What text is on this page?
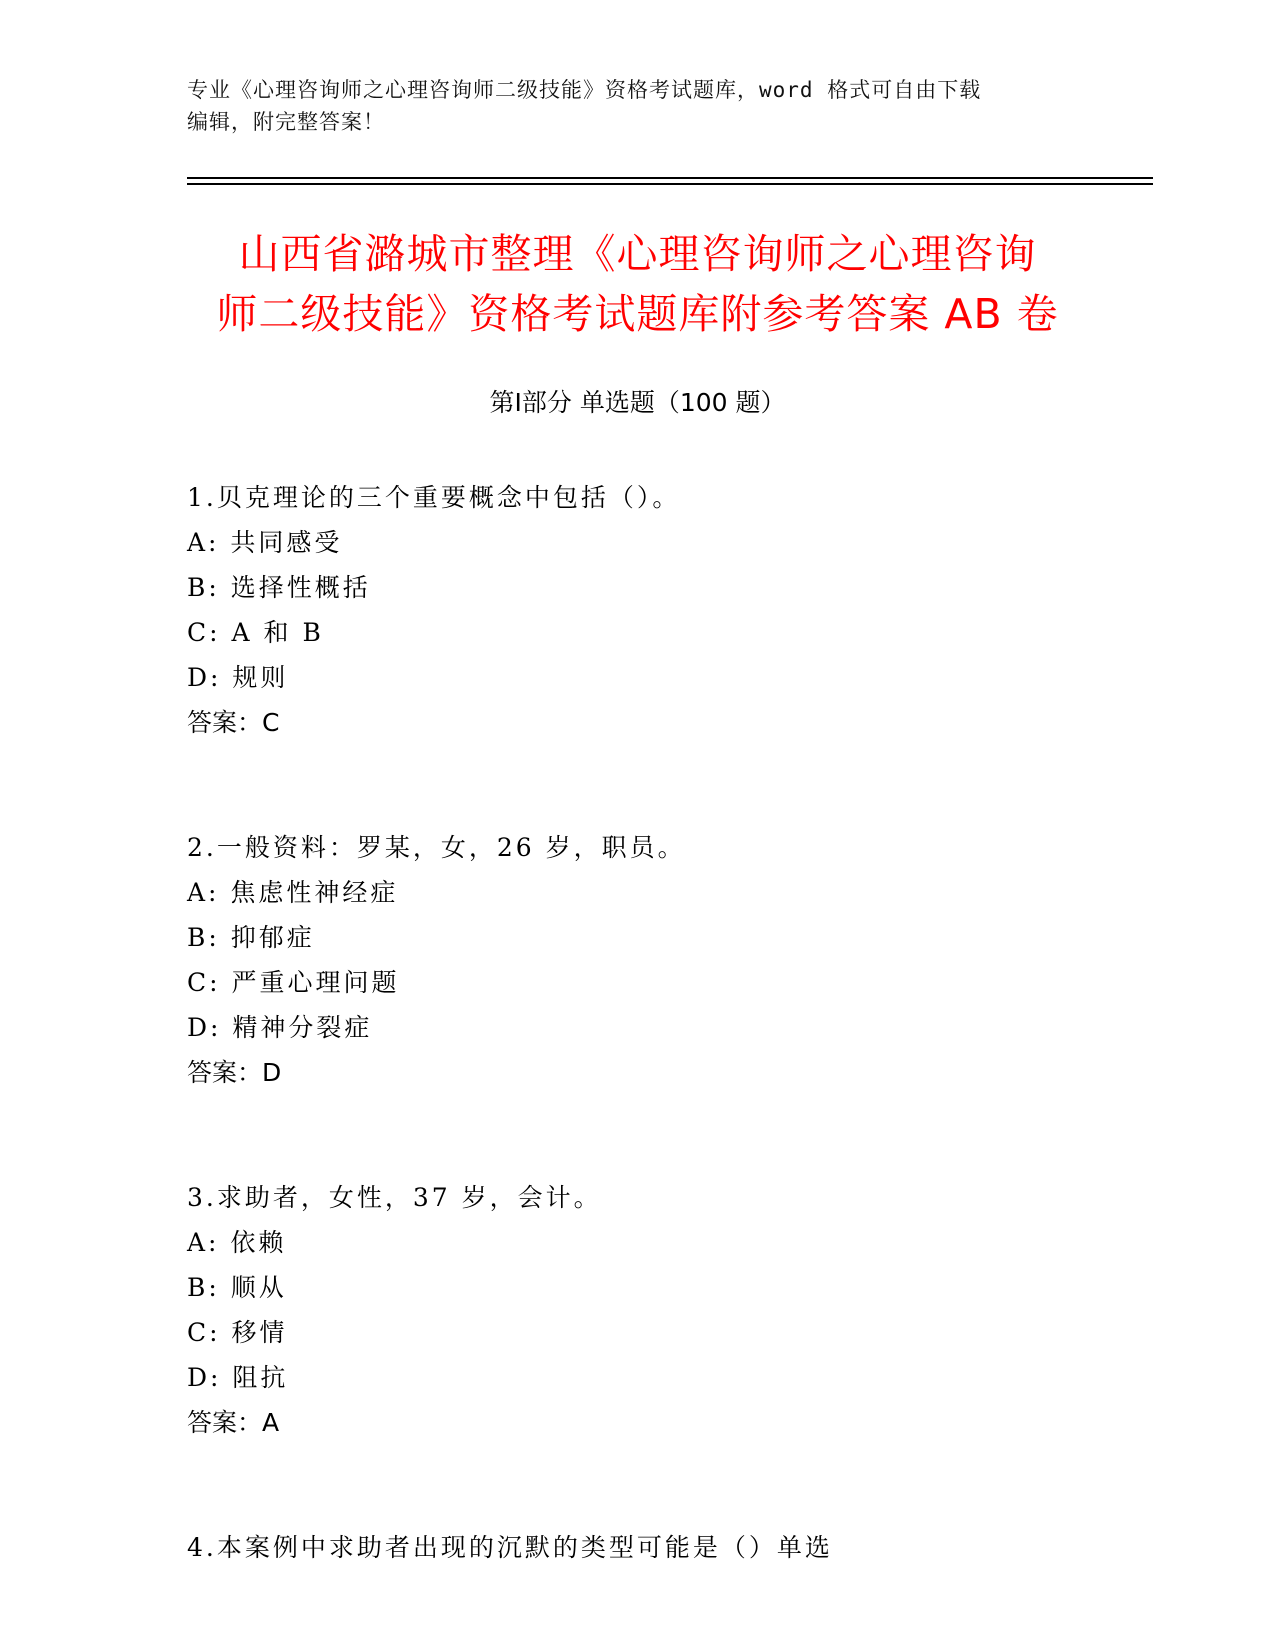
专业《心理咨询师之心理咨询师二级技能》资格考试题库，word 格式可自由下载
编辑，附完整答案！
山西省潞城市整理《心理咨询师之心理咨询
师二级技能》资格考试题库附参考答案 AB 卷
第Ⅰ部分 单选题（100 题）
1.贝克理论的三个重要概念中包括（）。
A: 共同感受
B: 选择性概括
C: A 和 B
D: 规则
答案：C
2.一般资料：罗某，女，26 岁，职员。
A: 焦虑性神经症
B: 抑郁症
C: 严重心理问题
D: 精神分裂症
答案：D
3.求助者，女性，37 岁，会计。
A: 依赖
B: 顺从
C: 移情
D: 阻抗
答案：A
4.本案例中求助者出现的沉默的类型可能是（）单选
